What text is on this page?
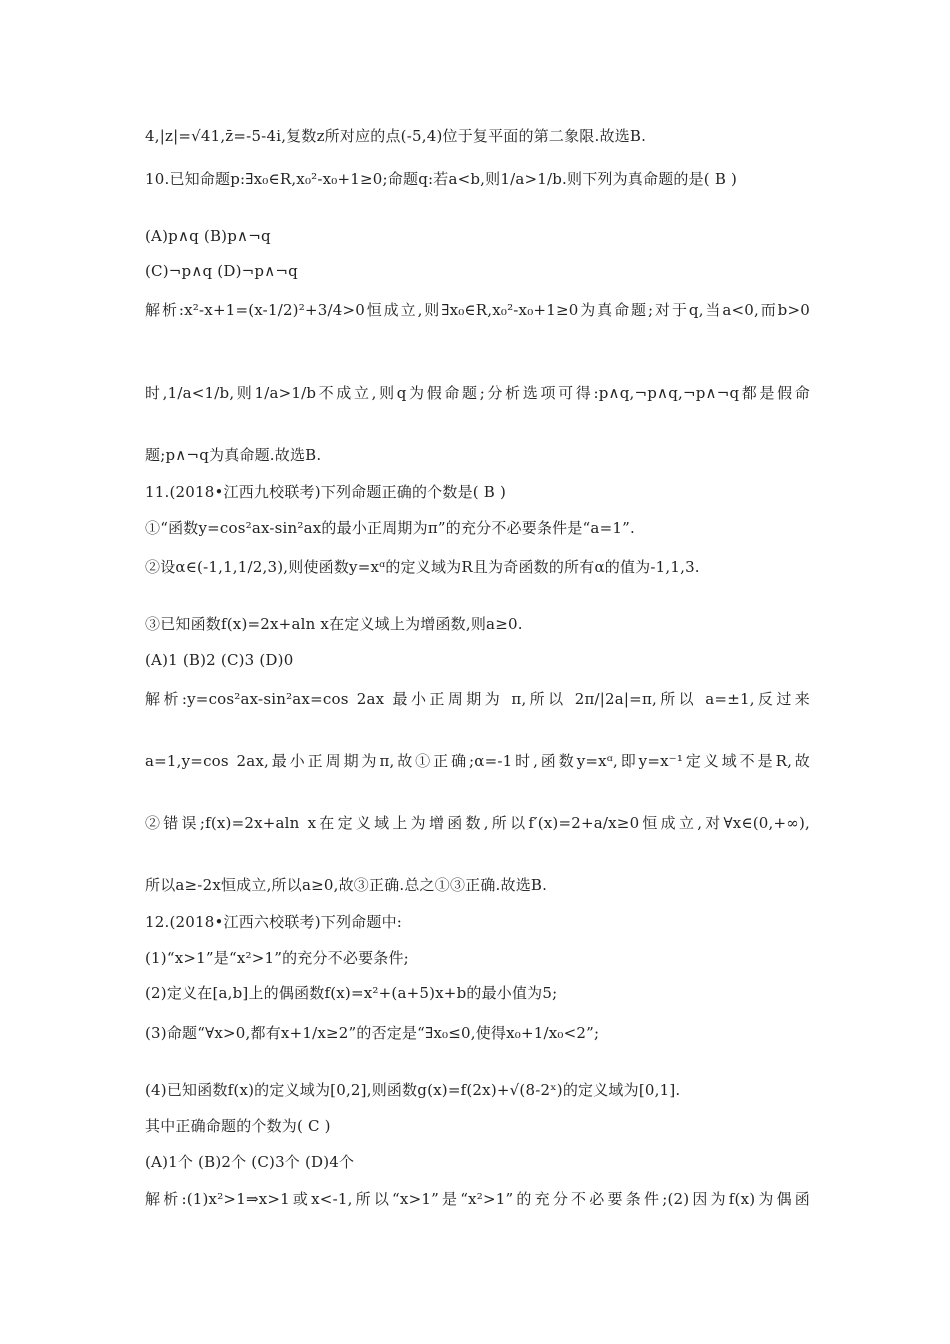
4,|z|=√41,z̄=-5-4i,复数z所对应的点(-5,4)位于复平面的第二象限.故选B.
10.已知命题p:∃x₀∈R,x₀²-x₀+1≥0;命题q:若a<b,则1/a>1/b.则下列为真命题的是( B )
(A)p∧q (B)p∧¬q
(C)¬p∧q (D)¬p∧¬q
解析:x²-x+1=(x-1/2)²+3/4>0恒成立,则∃x₀∈R,x₀²-x₀+1≥0为真命题;对于q,当a<0,而b>0
时,1/a<1/b,则1/a>1/b不成立,则q为假命题;分析选项可得:p∧q,¬p∧q,¬p∧¬q都是假命
题;p∧¬q为真命题.故选B.
11.(2018•江西九校联考)下列命题正确的个数是( B )
①“函数y=cos²ax-sin²ax的最小正周期为π”的充分不必要条件是“a=1”.
②设α∈(-1,1,1/2,3),则使函数y=xᵅ的定义域为R且为奇函数的所有α的值为-1,1,3.
③已知函数f(x)=2x+aln x在定义域上为增函数,则a≥0.
(A)1 (B)2 (C)3 (D)0
解析:y=cos²ax-sin²ax=cos 2ax 最小正周期为 π,所以 2π/|2a|=π,所以 a=±1,反过来
a=1,y=cos 2ax,最小正周期为π,故①正确;α=-1时,函数y=xᵅ,即y=x⁻¹定义域不是R,故
②错误;f(x)=2x+aln x在定义域上为增函数,所以f′(x)=2+a/x≥0恒成立,对∀x∈(0,+∞),
所以a≥-2x恒成立,所以a≥0,故③正确.总之①③正确.故选B.
12.(2018•江西六校联考)下列命题中:
(1)“x>1”是“x²>1”的充分不必要条件;
(2)定义在[a,b]上的偶函数f(x)=x²+(a+5)x+b的最小值为5;
(3)命题“∀x>0,都有x+1/x≥2”的否定是“∃x₀≤0,使得x₀+1/x₀<2”;
(4)已知函数f(x)的定义域为[0,2],则函数g(x)=f(2x)+√(8-2ˣ)的定义域为[0,1].
其中正确命题的个数为( C )
(A)1个 (B)2个 (C)3个 (D)4个
解析:(1)x²>1⇒x>1或x<-1,所以“x>1”是“x²>1”的充分不必要条件;(2)因为f(x)为偶函
